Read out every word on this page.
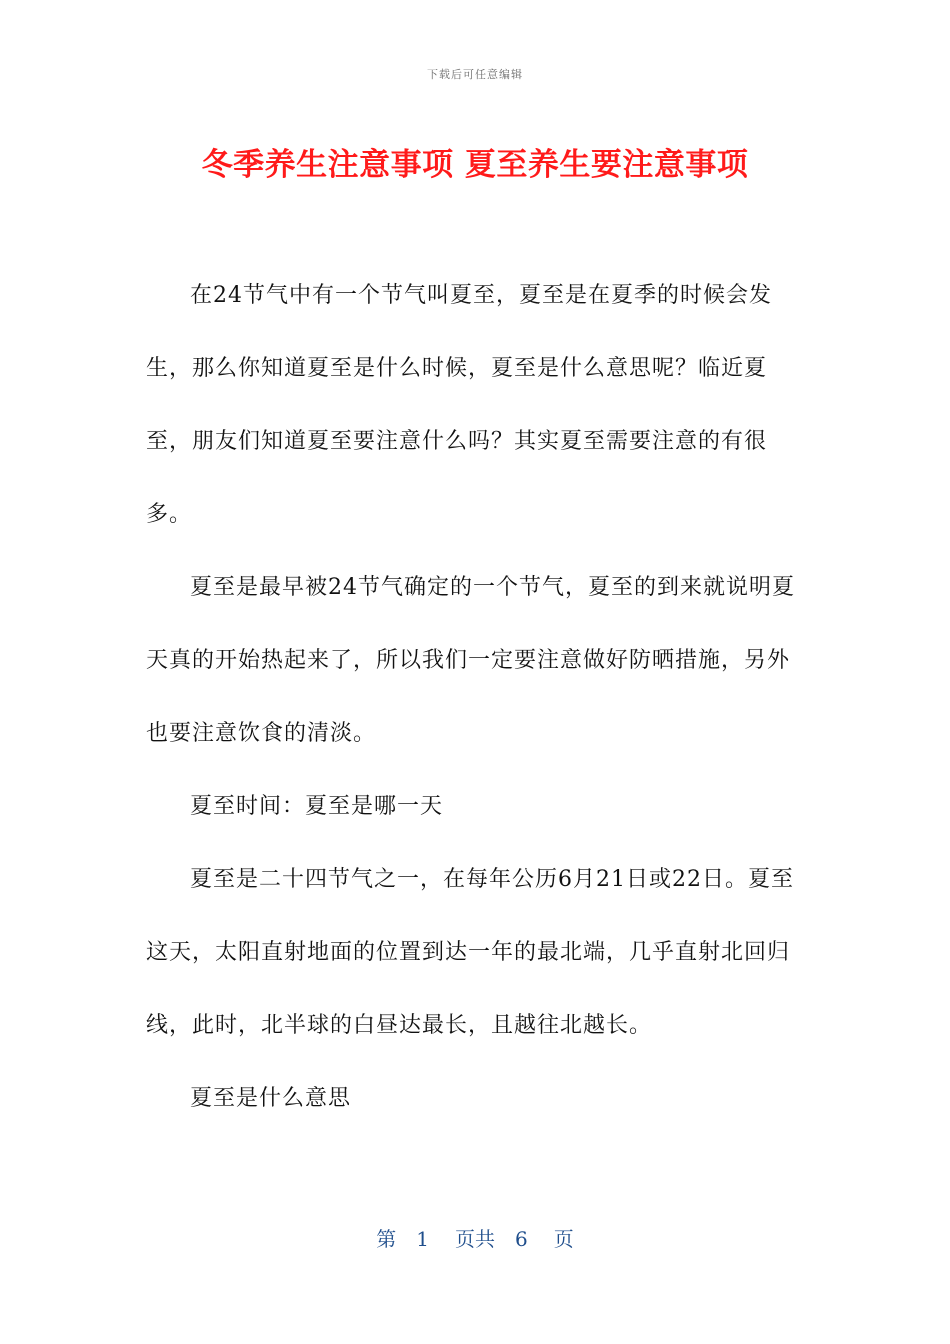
下载后可任意编辑
冬季养生注意事项 夏至养生要注意事项

在24节气中有一个节气叫夏至，夏至是在夏季的时候会发生，那么你知道夏至是什么时候，夏至是什么意思呢？临近夏至，朋友们知道夏至要注意什么吗？其实夏至需要注意的有很多。

夏至是最早被24节气确定的一个节气，夏至的到来就说明夏天真的开始热起来了，所以我们一定要注意做好防晒措施，另外也要注意饮食的清淡。

夏至时间：夏至是哪一天

夏至是二十四节气之一，在每年公历6月21日或22日。夏至这天，太阳直射地面的位置到达一年的最北端，几乎直射北回归线，此时，北半球的白昼达最长，且越往北越长。

夏至是什么意思

第 1 页共 6 页
